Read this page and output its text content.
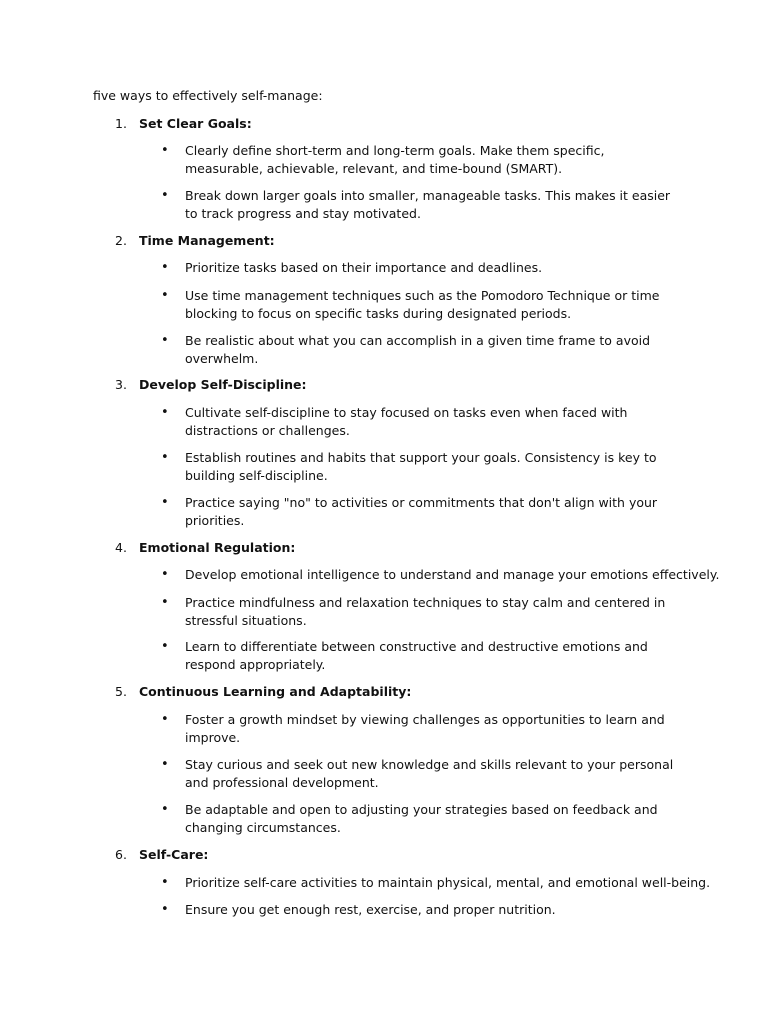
five ways to effectively self-manage:
1. Set Clear Goals:
• Clearly define short-term and long-term goals. Make them specific, measurable, achievable, relevant, and time-bound (SMART).
• Break down larger goals into smaller, manageable tasks. This makes it easier to track progress and stay motivated.
2. Time Management:
• Prioritize tasks based on their importance and deadlines.
• Use time management techniques such as the Pomodoro Technique or time blocking to focus on specific tasks during designated periods.
• Be realistic about what you can accomplish in a given time frame to avoid overwhelm.
3. Develop Self-Discipline:
• Cultivate self-discipline to stay focused on tasks even when faced with distractions or challenges.
• Establish routines and habits that support your goals. Consistency is key to building self-discipline.
• Practice saying "no" to activities or commitments that don't align with your priorities.
4. Emotional Regulation:
• Develop emotional intelligence to understand and manage your emotions effectively.
• Practice mindfulness and relaxation techniques to stay calm and centered in stressful situations.
• Learn to differentiate between constructive and destructive emotions and respond appropriately.
5. Continuous Learning and Adaptability:
• Foster a growth mindset by viewing challenges as opportunities to learn and improve.
• Stay curious and seek out new knowledge and skills relevant to your personal and professional development.
• Be adaptable and open to adjusting your strategies based on feedback and changing circumstances.
6. Self-Care:
• Prioritize self-care activities to maintain physical, mental, and emotional well-being.
• Ensure you get enough rest, exercise, and proper nutrition.
